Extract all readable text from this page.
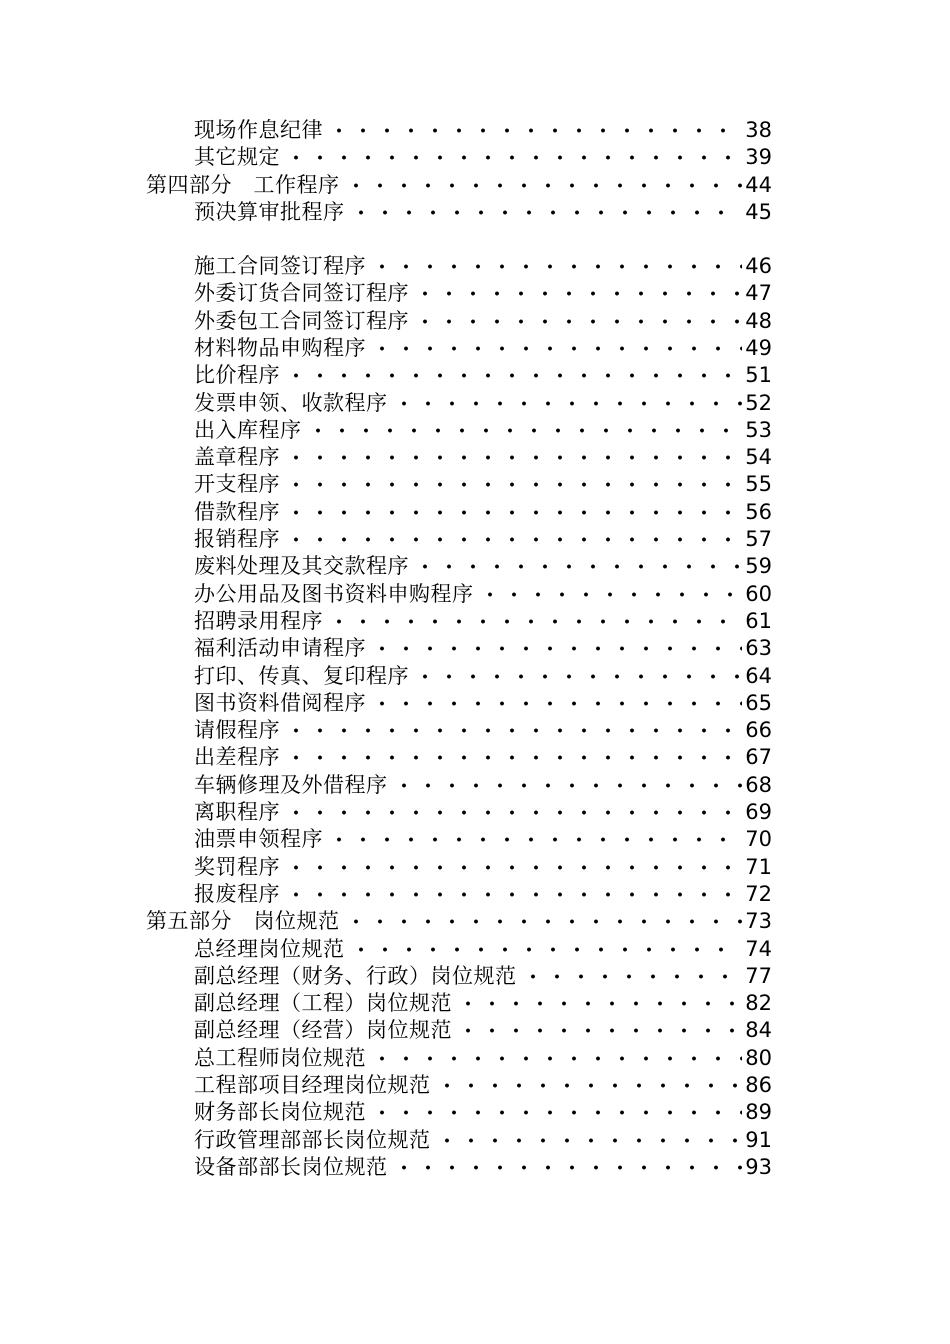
现场作息纪律	38
其它规定	39
第四部分　工作程序	44
预决算审批程序	45
施工合同签订程序	46
外委订货合同签订程序	47
外委包工合同签订程序	48
材料物品申购程序	49
比价程序	51
发票申领、收款程序	52
出入库程序	53
盖章程序	54
开支程序	55
借款程序	56
报销程序	57
废料处理及其交款程序	59
办公用品及图书资料申购程序	60
招聘录用程序	61
福利活动申请程序	63
打印、传真、复印程序	64
图书资料借阅程序	65
请假程序	66
出差程序	67
车辆修理及外借程序	68
离职程序	69
油票申领程序	70
奖罚程序	71
报废程序	72
第五部分　岗位规范	73
总经理岗位规范	74
副总经理（财务、行政）岗位规范	77
副总经理（工程）岗位规范	82
副总经理（经营）岗位规范	84
总工程师岗位规范	80
工程部项目经理岗位规范	86
财务部长岗位规范	89
行政管理部部长岗位规范	91
设备部部长岗位规范	93
